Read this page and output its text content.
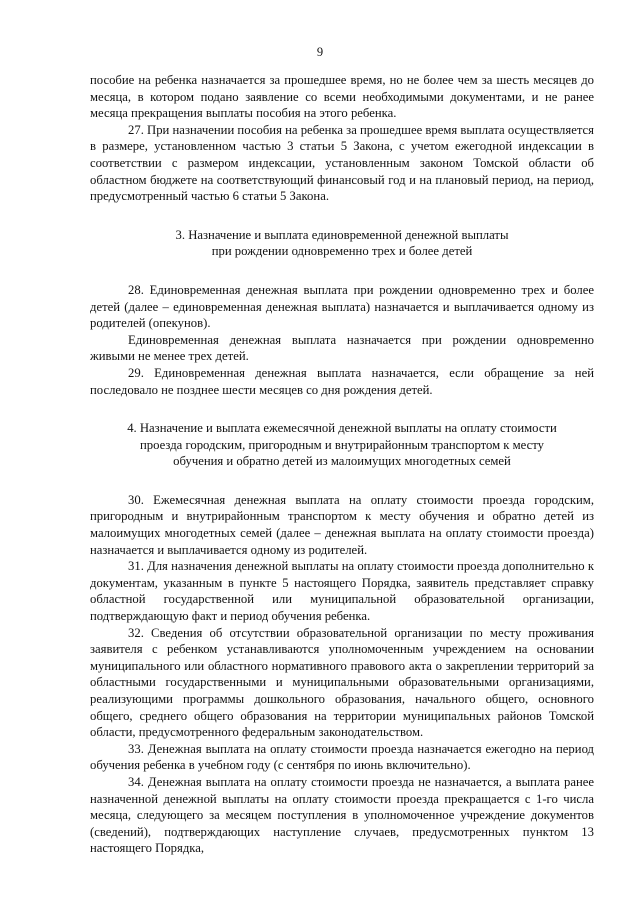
9

пособие на ребенка назначается за прошедшее время, но не более чем за шесть месяцев до месяца, в котором подано заявление со всеми необходимыми документами, и не ранее месяца прекращения выплаты пособия на этого ребенка.

27. При назначении пособия на ребенка за прошедшее время выплата осуществляется в размере, установленном частью 3 статьи 5 Закона, с учетом ежегодной индексации в соответствии с размером индексации, установленным законом Томской области об областном бюджете на соответствующий финансовый год и на плановый период, на период, предусмотренный частью 6 статьи 5 Закона.

3. Назначение и выплата единовременной денежной выплаты
при рождении одновременно трех и более детей

28. Единовременная денежная выплата при рождении одновременно трех и более детей (далее – единовременная денежная выплата) назначается и выплачивается одному из родителей (опекунов).

Единовременная денежная выплата назначается при рождении одновременно живыми не менее трех детей.

29. Единовременная денежная выплата назначается, если обращение за ней последовало не позднее шести месяцев со дня рождения детей.

4. Назначение и выплата ежемесячной денежной выплаты на оплату стоимости
проезда городским, пригородным и внутрирайонным транспортом к месту
обучения и обратно детей из малоимущих многодетных семей

30. Ежемесячная денежная выплата на оплату стоимости проезда городским, пригородным и внутрирайонным транспортом к месту обучения и обратно детей из малоимущих многодетных семей (далее – денежная выплата на оплату стоимости проезда) назначается и выплачивается одному из родителей.

31. Для назначения денежной выплаты на оплату стоимости проезда дополнительно к документам, указанным в пункте 5 настоящего Порядка, заявитель представляет справку областной государственной или муниципальной образовательной организации, подтверждающую факт и период обучения ребенка.

32. Сведения об отсутствии образовательной организации по месту проживания заявителя с ребенком устанавливаются уполномоченным учреждением на основании муниципального или областного нормативного правового акта о закреплении территорий за областными государственными и муниципальными образовательными организациями, реализующими программы дошкольного образования, начального общего, основного общего, среднего общего образования на территории муниципальных районов Томской области, предусмотренного федеральным законодательством.

33. Денежная выплата на оплату стоимости проезда назначается ежегодно на период обучения ребенка в учебном году (с сентября по июнь включительно).

34. Денежная выплата на оплату стоимости проезда не назначается, а выплата ранее назначенной денежной выплаты на оплату стоимости проезда прекращается с 1-го числа месяца, следующего за месяцем поступления в уполномоченное учреждение документов (сведений), подтверждающих наступление случаев, предусмотренных пунктом 13 настоящего Порядка,
